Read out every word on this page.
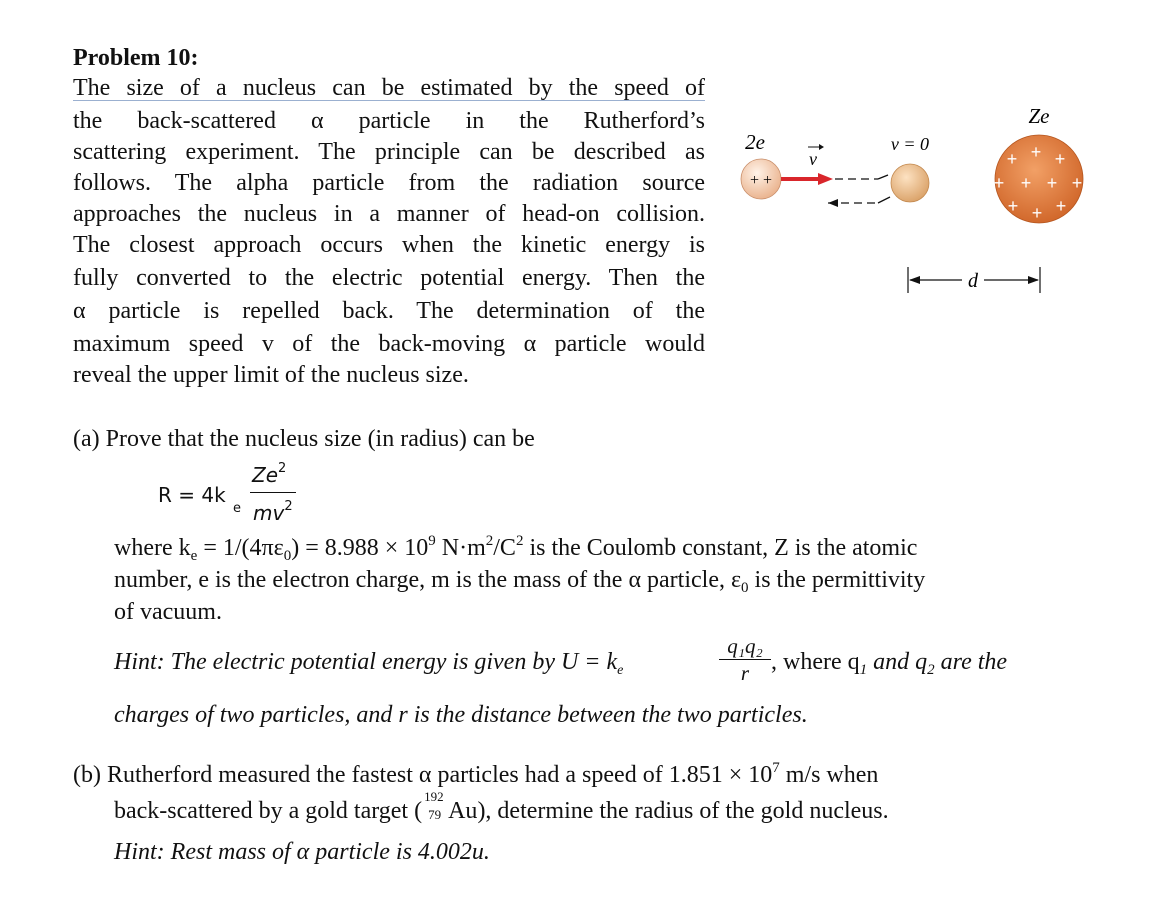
Problem 10:
The size of a nucleus can be estimated by the speed of
the back-scattered α particle in the Rutherford’s
scattering experiment. The principle can be described as
follows. The alpha particle from the radiation source
approaches the nucleus in a manner of head-on collision.
The closest approach occurs when the kinetic energy is
fully converted to the electric potential energy. Then the
α particle is repelled back. The determination of the
maximum speed v of the back-moving α particle would
reveal the upper limit of the nucleus size.
2e
+ +
v
v = 0
Ze
+ + +
+ + + +
+ + +
d
(a) Prove that the nucleus size (in radius) can be
R = 4k
e
Ze$^2$
$mv^2$
where $k_e = 1/(4\pi\varepsilon_0) = 8.988 \times 10^9$ $N\cdot m^2/C^2$ is the Coulomb constant, Z is the atomic
number, e is the electron charge, m is the mass of the α particle, $\varepsilon_0$ is the permittivity
of vacuum.
Hint: The electric potential energy is given by $U = k_e$	$\frac{\text{q₁q₂}}{r}$ , where $q_1$ and $q_2$ are the
charges of two particles, and r is the distance between the two particles.
(b) Rutherford measured the fastest α particles had a speed of $1.851 \times 10^7$ m/s when
back-scattered by a gold target (
192
79 Au), determine the radius of the gold nucleus.
Hint: Rest mass of α particle is 4.002u.
